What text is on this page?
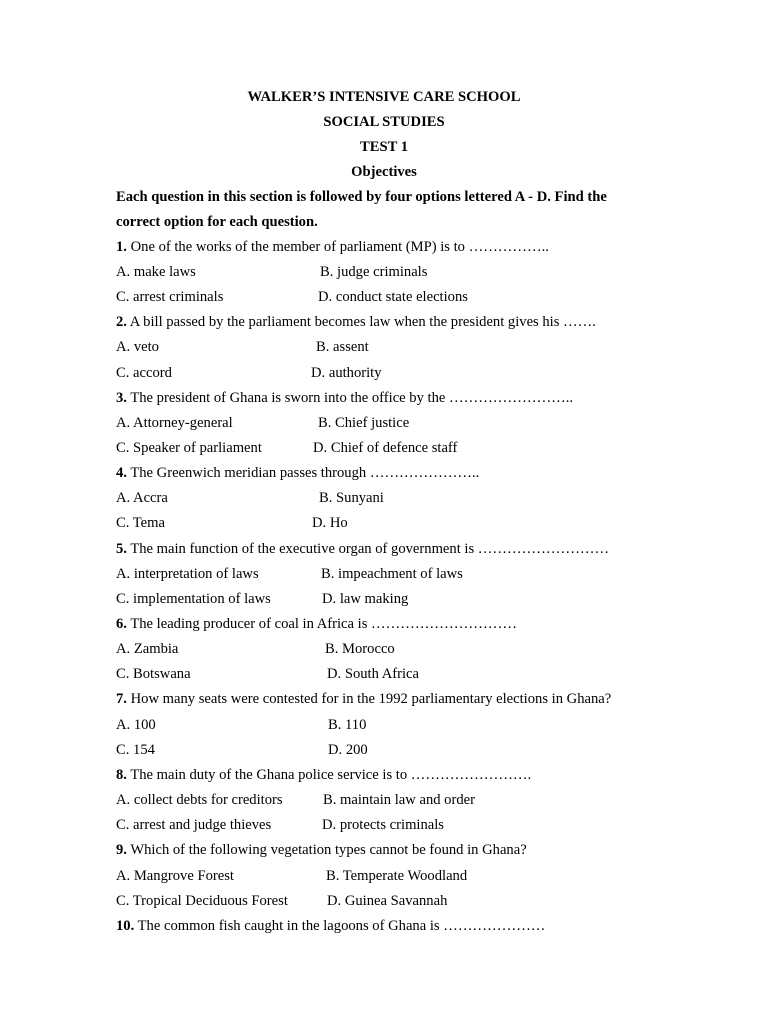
WALKER’S INTENSIVE CARE SCHOOL
SOCIAL STUDIES
TEST 1
Objectives
Each question in this section is followed by four options lettered A - D. Find the
correct option for each question.
1. One of the works of the member of parliament (MP) is to ……………..
A. make laws	B. judge criminals
C. arrest criminals	D. conduct state elections
2. A bill passed by the parliament becomes law when the president gives his …….
A. veto	B. assent
C. accord	D. authority
3. The president of Ghana is sworn into the office by the ……………………..
A. Attorney-general	B. Chief justice
C. Speaker of parliament	D. Chief of defence staff
4. The Greenwich meridian passes through …………………..
A. Accra	B. Sunyani
C. Tema	D. Ho
5. The main function of the executive organ of government is ………………………
A. interpretation of laws	B. impeachment of laws
C. implementation of laws	D. law making
6. The leading producer of coal in Africa is …………………………
A. Zambia	B. Morocco
C. Botswana	D. South Africa
7. How many seats were contested for in the 1992 parliamentary elections in Ghana?
A. 100	B. 110
C. 154	D. 200
8. The main duty of the Ghana police service is to …………………….
A. collect debts for creditors	B. maintain law and order
C. arrest and judge thieves	D. protects criminals
9. Which of the following vegetation types cannot be found in Ghana?
A. Mangrove Forest	B. Temperate Woodland
C. Tropical Deciduous Forest	D. Guinea Savannah
10. The common fish caught in the lagoons of Ghana is …………………
